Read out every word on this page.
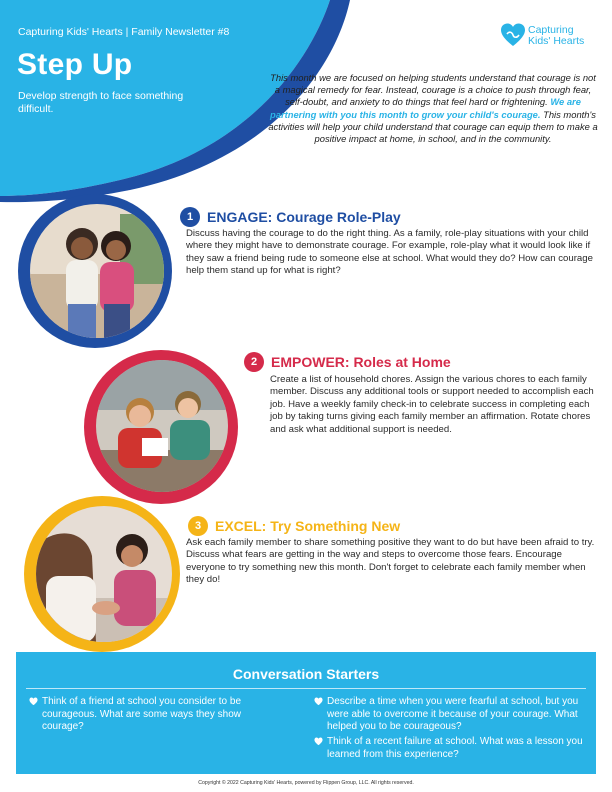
Capturing Kids' Hearts | Family Newsletter #8
Step Up
Develop strength to face something difficult.
Capturing
Kids' Hearts
This month we are focused on helping students understand that courage is not a magical remedy for fear. Instead, courage is a choice to push through fear, self-doubt, and anxiety to do things that feel hard or frightening. We are partnering with you this month to grow your child's courage. This month's activities will help your child understand that courage can equip them to make a positive impact at home, in school, and in the community.
1 ENGAGE: Courage Role-Play
Discuss having the courage to do the right thing. As a family, role-play situations with your child where they might have to demonstrate courage. For example, role-play what it would look like if they saw a friend being rude to someone else at school. What would they do? How can courage help them stand up for what is right?
2 EMPOWER: Roles at Home
Create a list of household chores. Assign the various chores to each family member. Discuss any additional tools or support needed to accomplish each job. Have a weekly family check-in to celebrate success in completing each job by taking turns giving each family member an affirmation. Rotate chores and ask what additional support is needed.
3 EXCEL: Try Something New
Ask each family member to share something positive they want to do but have been afraid to try. Discuss what fears are getting in the way and steps to overcome those fears. Encourage everyone to try something new this month. Don't forget to celebrate each family member when they do!
Conversation Starters
Think of a friend at school you consider to be courageous. What are some ways they show courage?
Describe a time when you were fearful at school, but you were able to overcome it because of your courage. What helped you to be courageous?
Think of a recent failure at school. What was a lesson you learned from this experience?
Copyright © 2022 Capturing Kids' Hearts, powered by Flippen Group, LLC. All rights reserved.
